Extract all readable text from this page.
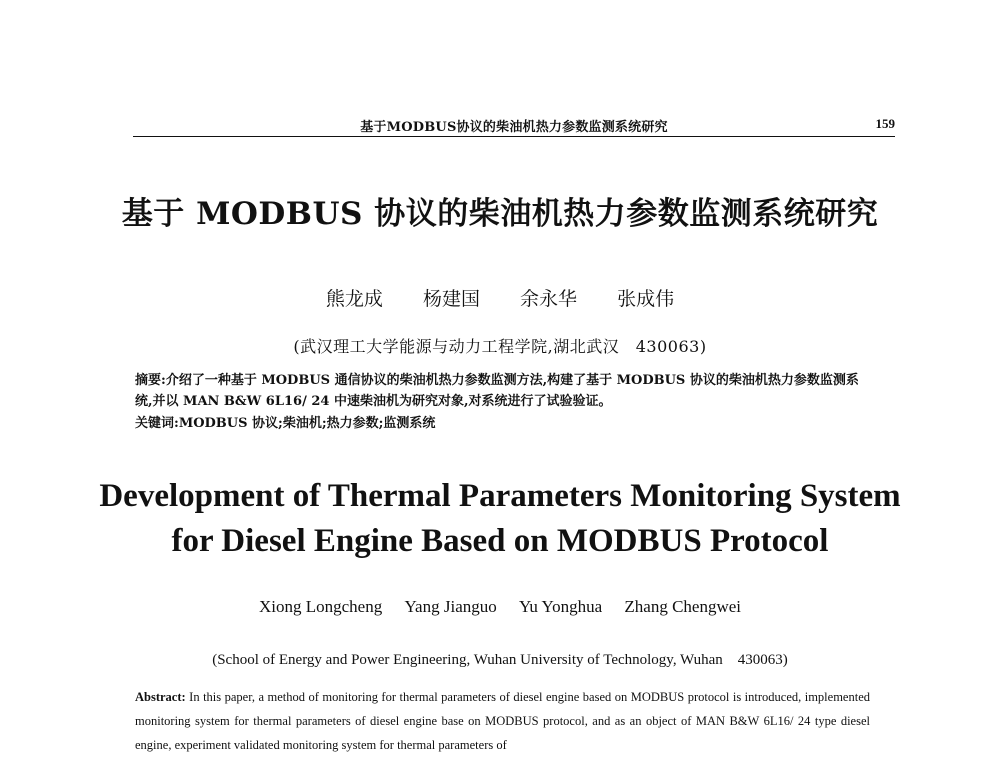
基于MODBUS协议的柴油机热力参数监测系统研究	159
基于 MODBUS 协议的柴油机热力参数监测系统研究
熊龙成 杨建国 余永华 张成伟
(武汉理工大学能源与动力工程学院,湖北武汉　430063)
摘要:介绍了一种基于 MODBUS 通信协议的柴油机热力参数监测方法,构建了基于 MODBUS 协议的柴油机热力参数监测系统,并以 MAN B&W 6L16/ 24 中速柴油机为研究对象,对系统进行了试验验证。
关键词:MODBUS 协议;柴油机;热力参数;监测系统
Development of Thermal Parameters Monitoring System
for Diesel Engine Based on MODBUS Protocol
Xiong Longcheng Yang Jianguo Yu Yonghua Zhang Chengwei
(School of Energy and Power Engineering, Wuhan University of Technology, Wuhan　430063)
Abstract: In this paper, a method of monitoring for thermal parameters of diesel engine based on MODBUS protocol is introduced, implemented monitoring system for thermal parameters of diesel engine base on MODBUS protocol, and as an object of MAN B&W 6L16/ 24 type diesel engine, experiment validated monitoring system for thermal parameters of
